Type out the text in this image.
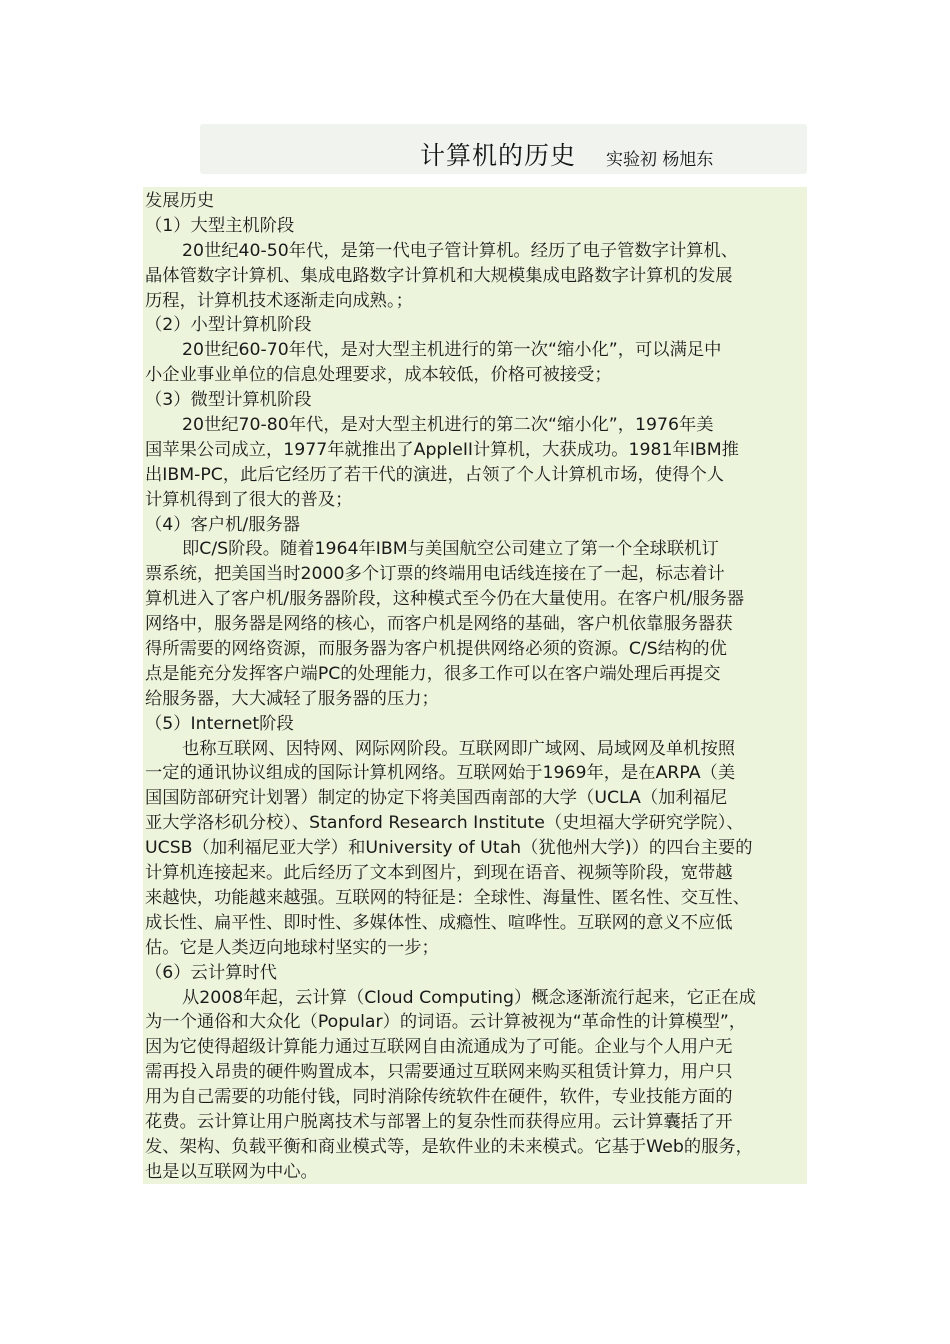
计算机的历史 实验初 杨旭东
发展历史
（1）大型主机阶段
20世纪40-50年代，是第一代电子管计算机。经历了电子管数字计算机、
晶体管数字计算机、集成电路数字计算机和大规模集成电路数字计算机的发展
历程，计算机技术逐渐走向成熟。；
（2）小型计算机阶段
20世纪60-70年代，是对大型主机进行的第一次“缩小化”，可以满足中
小企业事业单位的信息处理要求，成本较低，价格可被接受；
（3）微型计算机阶段
20世纪70-80年代，是对大型主机进行的第二次“缩小化”，1976年美
国苹果公司成立，1977年就推出了AppleII计算机，大获成功。1981年IBM推
出IBM-PC，此后它经历了若干代的演进，占领了个人计算机市场，使得个人
计算机得到了很大的普及；
（4）客户机/服务器
即C/S阶段。随着1964年IBM与美国航空公司建立了第一个全球联机订
票系统，把美国当时2000多个订票的终端用电话线连接在了一起，标志着计
算机进入了客户机/服务器阶段，这种模式至今仍在大量使用。在客户机/服务器
网络中，服务器是网络的核心，而客户机是网络的基础，客户机依靠服务器获
得所需要的网络资源，而服务器为客户机提供网络必须的资源。C/S结构的优
点是能充分发挥客户端PC的处理能力，很多工作可以在客户端处理后再提交
给服务器，大大减轻了服务器的压力；
（5）Internet阶段
也称互联网、因特网、网际网阶段。互联网即广域网、局域网及单机按照
一定的通讯协议组成的国际计算机网络。互联网始于1969年，是在ARPA（美
国国防部研究计划署）制定的协定下将美国西南部的大学（UCLA（加利福尼
亚大学洛杉矶分校）、Stanford Research Institute（史坦福大学研究学院）、
UCSB（加利福尼亚大学）和University of Utah（犹他州大学)）的四台主要的
计算机连接起来。此后经历了文本到图片，到现在语音、视频等阶段，宽带越
来越快，功能越来越强。互联网的特征是：全球性、海量性、匿名性、交互性、
成长性、扁平性、即时性、多媒体性、成瘾性、喧哗性。互联网的意义不应低
估。它是人类迈向地球村坚实的一步；
（6）云计算时代
从2008年起，云计算（Cloud Computing）概念逐渐流行起来，它正在成
为一个通俗和大众化（Popular）的词语。云计算被视为“革命性的计算模型”，
因为它使得超级计算能力通过互联网自由流通成为了可能。企业与个人用户无
需再投入昂贵的硬件购置成本，只需要通过互联网来购买租赁计算力，用户只
用为自己需要的功能付钱，同时消除传统软件在硬件，软件，专业技能方面的
花费。云计算让用户脱离技术与部署上的复杂性而获得应用。云计算囊括了开
发、架构、负载平衡和商业模式等，是软件业的未来模式。它基于Web的服务，
也是以互联网为中心。
